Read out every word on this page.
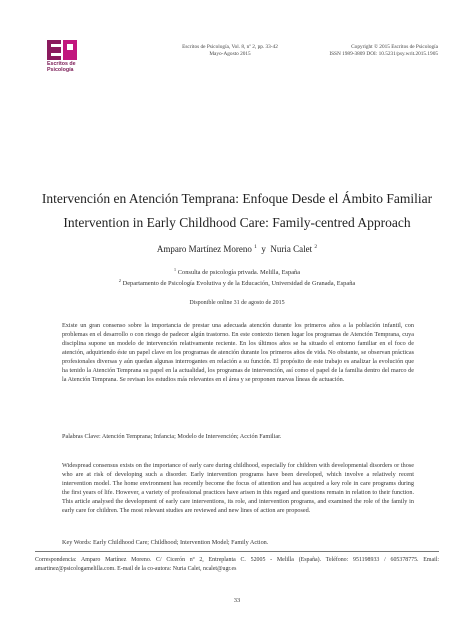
Escritos de
Psicología
Escritos de Psicología, Vol. 8, nº 2, pp. 33-42
Mayo-Agosto 2015
Copyright © 2015 Escritos de Psicología
ISSN 1989-3809 DOI: 10.5231/psy.writ.2015.1905
Intervención en Atención Temprana: Enfoque Desde el Ámbito Familiar
Intervention in Early Childhood Care: Family-centred Approach
Amparo Martínez Moreno $^1$ y Nuria Calet $^2$
$^1$ Consulta de psicología privada. Melilla, España
$^2$ Departamento de Psicología Evolutiva y de la Educación, Universidad de Granada, España
Disponible online 31 de agosto de 2015

Existe un gran consenso sobre la importancia de prestar una adecuada atención durante los primeros años a la población infantil, con problemas en el desarrollo o con riesgo de padecer algún trastorno. En este contexto tienen lugar los programas de Atención Temprana, cuya disciplina supone un modelo de intervención relativamente reciente. En los últimos años se ha situado el entorno familiar en el foco de atención, adquiriendo éste un papel clave en los programas de atención durante los primeros años de vida. No obstante, se observan prácticas profesionales diversas y aún quedan algunas interrogantes en relación a su función. El propósito de este trabajo es analizar la evolución que ha tenido la Atención Temprana su papel en la actualidad, los programas de intervención, así como el papel de la familia dentro del marco de la Atención Temprana. Se revisan los estudios más relevantes en el área y se proponen nuevas líneas de actuación.

Palabras Clave: Atención Temprana; Infancia; Modelo de Intervención; Acción Familiar.

Widespread consensus exists on the importance of early care during childhood, especially for children with developmental disorders or those who are at risk of developing such a disorder. Early intervention programs have been developed, which involve a relatively recent intervention model. The home environment has recently become the focus of attention and has acquired a key role in care programs during the first years of life. However, a variety of professional practices have arisen in this regard and questions remain in relation to their function. This article analysed the development of early care interventions, its role, and intervention programs, and examined the role of the family in early care for children. The most relevant studies are reviewed and new lines of action are proposed.

Key Words: Early Childhood Care; Childhood; Intervention Model; Family Action.

Correspondencia: Amparo Martínez Moreno. C/ Cicerón nº 2, Entreplanta C. 52005 - Melilla (España). Teléfono: 951198933 / 605378775. Email: amartinez@psicologamelilla.com. E-mail de la co-autora: Nuria Calet, ncalet@ugr.es

33
